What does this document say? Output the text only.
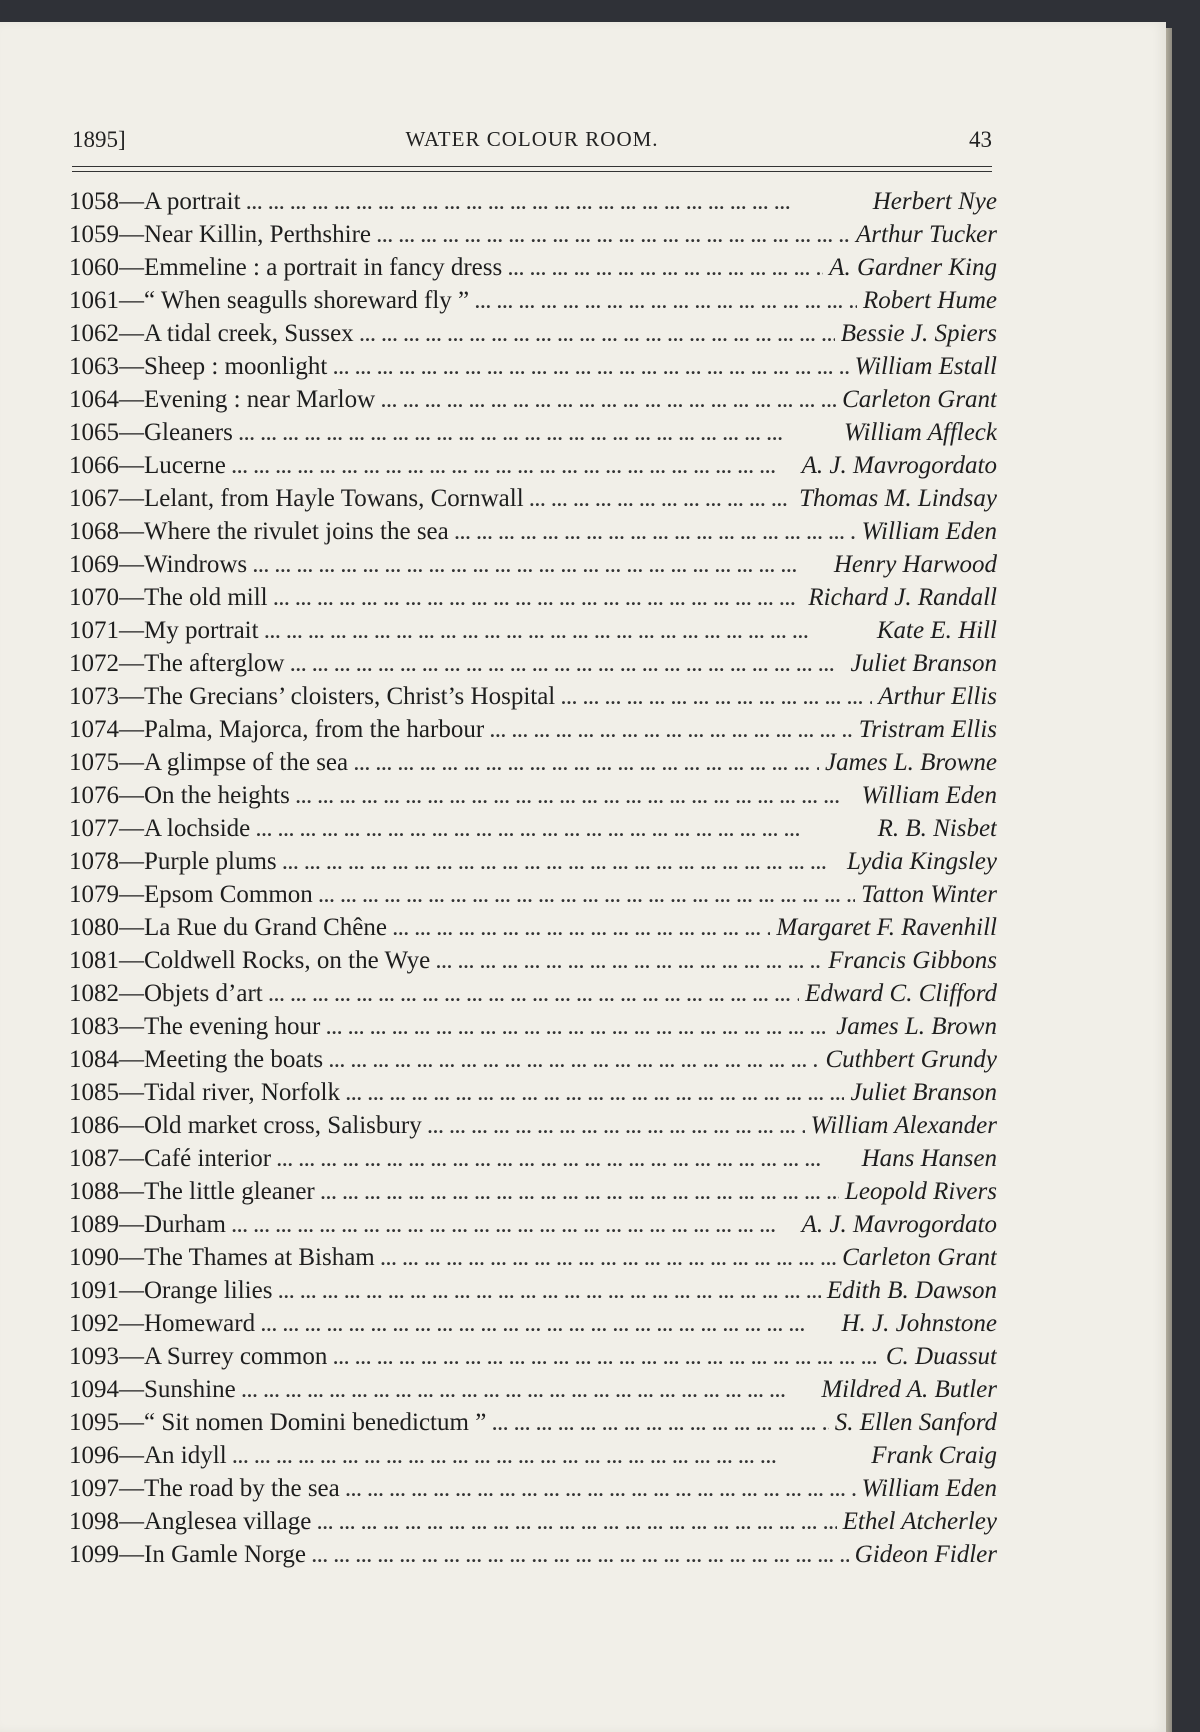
1895]	WATER COLOUR ROOM.	43
1058 — A portrait ... .	Herbert Nye
1059 — Near Killin, Perthshire ... .	Arthur Tucker
1060 — Emmeline : a portrait in fancy dress ... .	A. Gardner King
1061 — “ When seagulls shoreward fly ” ... .	Robert Hume
1062 — A tidal creek, Sussex ... .	Bessie J. Spiers
1063 — Sheep : moonlight ... .	William Estall
1064 — Evening : near Marlow ... .	Carleton Grant
1065 — Gleaners ... .	William Affleck
1066 — Lucerne ... .	A. J. Mavrogordato
1067 — Lelant, from Hayle Towans, Cornwall ... .	Thomas M. Lindsay
1068 — Where the rivulet joins the sea ... .	William Eden
1069 — Windrows ... .	Henry Harwood
1070 — The old mill ... .	Richard J. Randall
1071 — My portrait ... .	Kate E. Hill
1072 — The afterglow ... .	Juliet Branson
1073 — The Grecians’ cloisters, Christ’s Hospital ... .	Arthur Ellis
1074 — Palma, Majorca, from the harbour ... .	Tristram Ellis
1075 — A glimpse of the sea ... .	James L. Browne
1076 — On the heights ... .	William Eden
1077 — A lochside ... .	R. B. Nisbet
1078 — Purple plums ... .	Lydia Kingsley
1079 — Epsom Common ... .	Tatton Winter
1080 — La Rue du Grand Chêne ... .	Margaret F. Ravenhill
1081 — Coldwell Rocks, on the Wye ... .	Francis Gibbons
1082 — Objets d’art ... .	Edward C. Clifford
1083 — The evening hour ... .	James L. Brown
1084 — Meeting the boats ... .	Cuthbert Grundy
1085 — Tidal river, Norfolk ... .	Juliet Branson
1086 — Old market cross, Salisbury ... .	William Alexander
1087 — Café interior ... .	Hans Hansen
1088 — The little gleaner ... .	Leopold Rivers
1089 — Durham ... .	A. J. Mavrogordato
1090 — The Thames at Bisham ... .	Carleton Grant
1091 — Orange lilies ... .	Edith B. Dawson
1092 — Homeward ... .	H. J. Johnstone
1093 — A Surrey common ... .	C. Duassut
1094 — Sunshine ... .	Mildred A. Butler
1095 — “ Sit nomen Domini benedictum ” ... .	S. Ellen Sanford
1096 — An idyll ... .	Frank Craig
1097 — The road by the sea ... .	William Eden
1098 — Anglesea village ... .	Ethel Atcherley
1099 — In Gamle Norge ... .	Gideon Fidler
